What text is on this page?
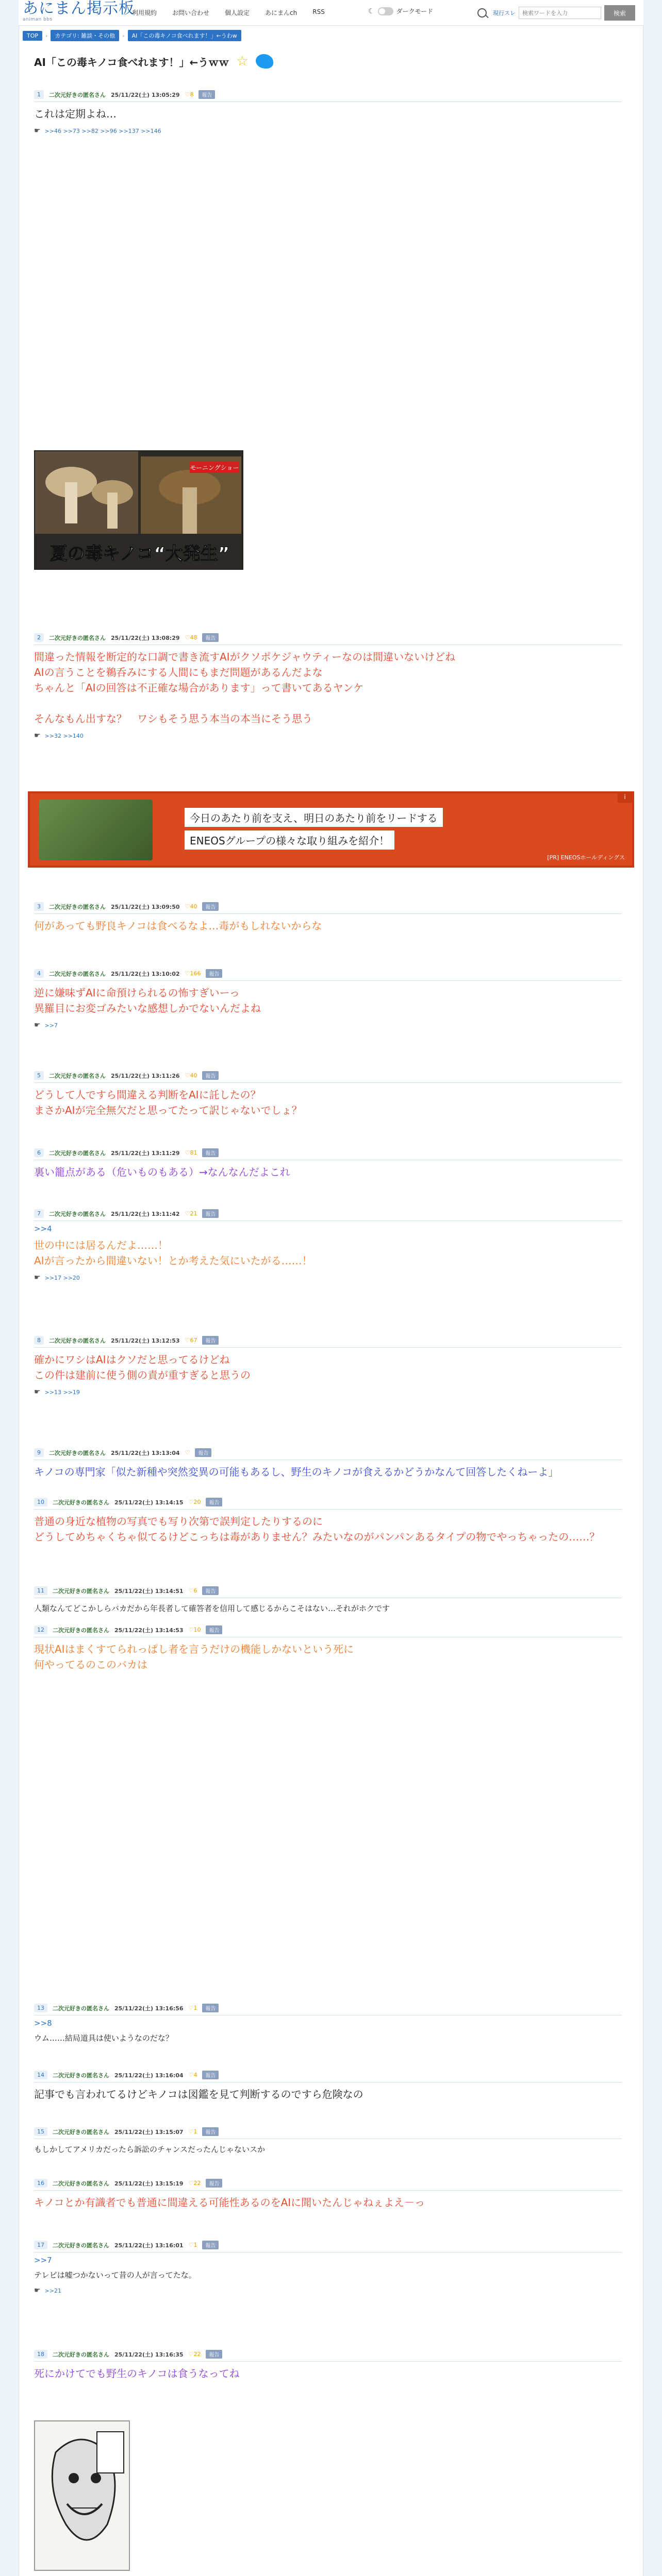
あにまん掲示板
animan bbs
利用規約	お問い合わせ	個人設定	あにまんch	RSS	☾	ダークモード	現行スレ
検索ワードを入力	検索
TOP	›	カテゴリ: 雑談・その他	›	AI「この毒キノコ食べれます！」←うわw
AI「この毒キノコ食べれます！」←うｗｗ ☆
モーニングショー
夏の毒キノコ“大発生”
今日のあたり前を支え、明日のあたり前をリードする
ENEOSグループの様々な取り組みを紹介！
[PR] ENEOSホールディングス
i
1	二次元好きの匿名さん 25/11/22(土) 13:05:29 ♡8	報告
これは定期よね…
☛ >>46 >>73 >>82 >>96 >>137 >>146
2	二次元好きの匿名さん 25/11/22(土) 13:08:29 ♡48	報告
間違った情報を断定的な口調で書き流すAIがクソポケジャウティーなのは間違いないけどね
AIの言うことを鵜呑みにする人間にもまだ問題があるんだよな
ちゃんと「AIの回答は不正確な場合があります」って書いてあるヤンケ

そんなもん出すな？　ワシもそう思う本当の本当にそう思う
☛ >>32 >>140
3	二次元好きの匿名さん 25/11/22(土) 13:09:50 ♡40	報告
何があっても野良キノコは食べるなよ…毒がもしれないからな
4	二次元好きの匿名さん 25/11/22(土) 13:10:02 ♡166	報告
逆に嫌味ずAIに命預けられるの怖すぎいーっ
異羅目にお変ゴみたいな感想しかでないんだよね
☛ >>7
5	二次元好きの匿名さん 25/11/22(土) 13:11:26 ♡40	報告
どうして人ですら間違える判断をAIに託したの？
まさかAIが完全無欠だと思ってたって訳じゃないでしょ？
6	二次元好きの匿名さん 25/11/22(土) 13:11:29 ♡81	報告
裏い籠点がある（危いものもある）→なんなんだよこれ
7	二次元好きの匿名さん 25/11/22(土) 13:11:42 ♡21	報告
>>4
世の中には居るんだよ……！
AIが言ったから間違いない！とか考えた気にいたがる……！
☛ >>17 >>20
8	二次元好きの匿名さん 25/11/22(土) 13:12:53 ♡67	報告
確かにワシはAIはクソだと思ってるけどね
この件は建前に使う側の責が重すぎると思うの
☛ >>13 >>19
9	二次元好きの匿名さん 25/11/22(土) 13:13:04 ♡	報告
キノコの専門家「似た新種や突然変異の可能もあるし、野生のキノコが食えるかどうかなんて回答したくねーよ」
10	二次元好きの匿名さん 25/11/22(土) 13:14:15 ♡20	報告
普通の身近な植物の写真でも写り次第で誤判定したりするのに
どうしてめちゃくちゃ似てるけどこっちは毒がありません？みたいなのがパンパンあるタイプの物でやっちゃったの……？
11	二次元好きの匿名さん 25/11/22(土) 13:14:51 ♡6	報告
人類なんてどこかしらバカだから年長者して確答者を信用して感じるからこそはない…それがホクです
12	二次元好きの匿名さん 25/11/22(土) 13:14:53 ♡10	報告
現状AIはまくすてられっぱし者を言うだけの機能しかないという死に
何やってるのこのバカは
13	二次元好きの匿名さん 25/11/22(土) 13:16:56 ♡1	報告
>>8
ウム……結局道具は使いようなのだな？
14	二次元好きの匿名さん 25/11/22(土) 13:16:04 ♡4	報告
記事でも言われてるけどキノコは図鑑を見て判断するのですら危険なの
15	二次元好きの匿名さん 25/11/22(土) 13:15:07 ♡1	報告
もしかしてアメリカだったら訴訟のチャンスだったんじゃないスか
16	二次元好きの匿名さん 25/11/22(土) 13:15:19 ♡22	報告
キノコとか有識者でも普通に間違える可能性あるのをAIに聞いたんじゃねぇよえ－っ
17	二次元好きの匿名さん 25/11/22(土) 13:16:01 ♡1	報告
>>7
テレビは嘘つかないって昔の人が言ってたな。
☛ >>21
18	二次元好きの匿名さん 25/11/22(土) 13:16:35 ♡22	報告
死にかけてでも野生のキノコは食うなってね
